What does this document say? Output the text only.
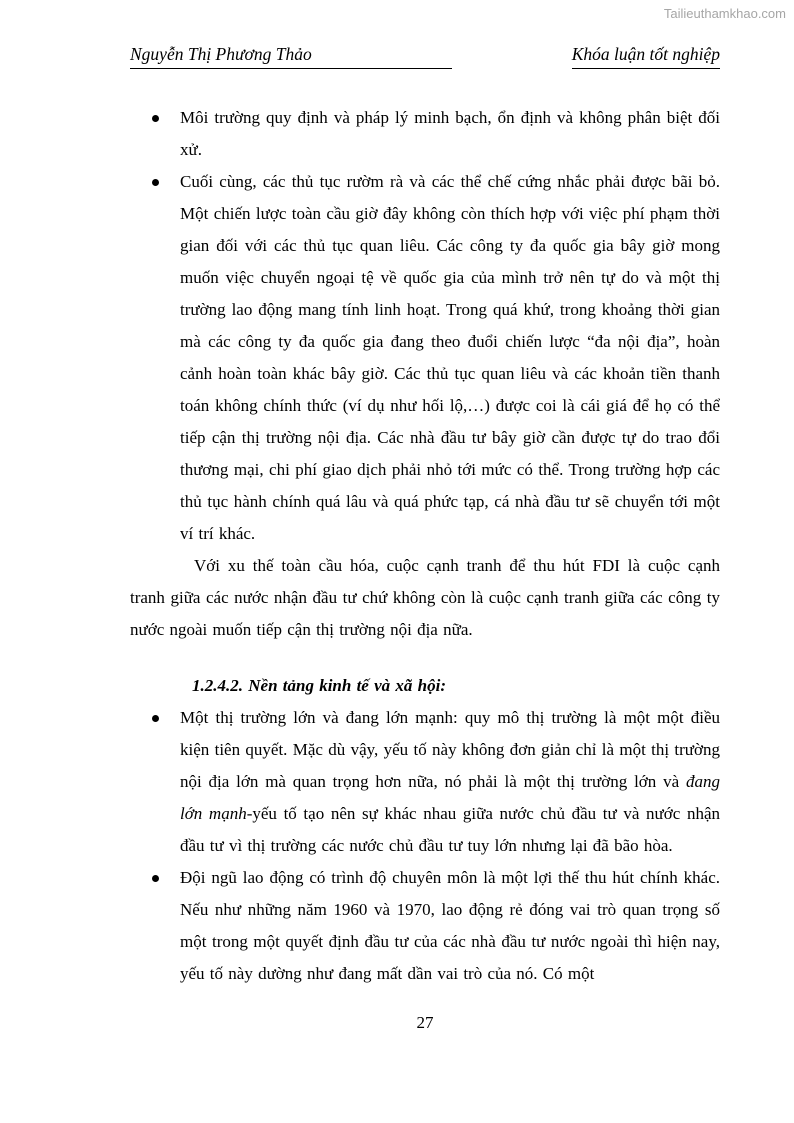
Tailieuthamkhao.com
Nguyễn Thị Phương Thảo	Khóa luận tốt nghiệp
Môi trường quy định và pháp lý minh bạch, ổn định và không phân biệt đối xử.
Cuối cùng, các thủ tục rườm rà và các thể chế cứng nhắc phải được bãi bỏ. Một chiến lược toàn cầu giờ đây không còn thích hợp với việc phí phạm thời gian đối với các thủ tục quan liêu. Các công ty đa quốc gia bây giờ mong muốn việc chuyển ngoại tệ về quốc gia của mình trở nên tự do và một thị trường lao động mang tính linh hoạt. Trong quá khứ, trong khoảng thời gian mà các công ty đa quốc gia đang theo đuổi chiến lược “đa nội địa”, hoàn cảnh hoàn toàn khác bây giờ. Các thủ tục quan liêu và các khoản tiền thanh toán không chính thức (ví dụ như hối lộ,…) được coi là cái giá để họ có thể tiếp cận thị trường nội địa. Các nhà đầu tư bây giờ cần được tự do trao đổi thương mại, chi phí giao dịch phải nhỏ tới mức có thể. Trong trường hợp các thủ tục hành chính quá lâu và quá phức tạp, cá nhà đầu tư sẽ chuyển tới một ví trí khác.
Với xu thế toàn cầu hóa, cuộc cạnh tranh để thu hút FDI là cuộc cạnh tranh giữa các nước nhận đầu tư chứ không còn là cuộc cạnh tranh giữa các công ty nước ngoài muốn tiếp cận thị trường nội địa nữa.
1.2.4.2. Nền tảng kinh tế và xã hội:
Một thị trường lớn và đang lớn mạnh: quy mô thị trường là một một điều kiện tiên quyết. Mặc dù vậy, yếu tố này không đơn giản chỉ là một thị trường nội địa lớn mà quan trọng hơn nữa, nó phải là một thị trường lớn và đang lớn mạnh-yếu tố tạo nên sự khác nhau giữa nước chủ đầu tư và nước nhận đầu tư vì thị trường các nước chủ đầu tư tuy lớn nhưng lại đã bão hòa.
Đội ngũ lao động có trình độ chuyên môn là một lợi thế thu hút chính khác. Nếu như những năm 1960 và 1970, lao động rẻ đóng vai trò quan trọng số một trong một quyết định đầu tư của các nhà đầu tư nước ngoài thì hiện nay, yếu tố này dường như đang mất dần vai trò của nó. Có một
27
